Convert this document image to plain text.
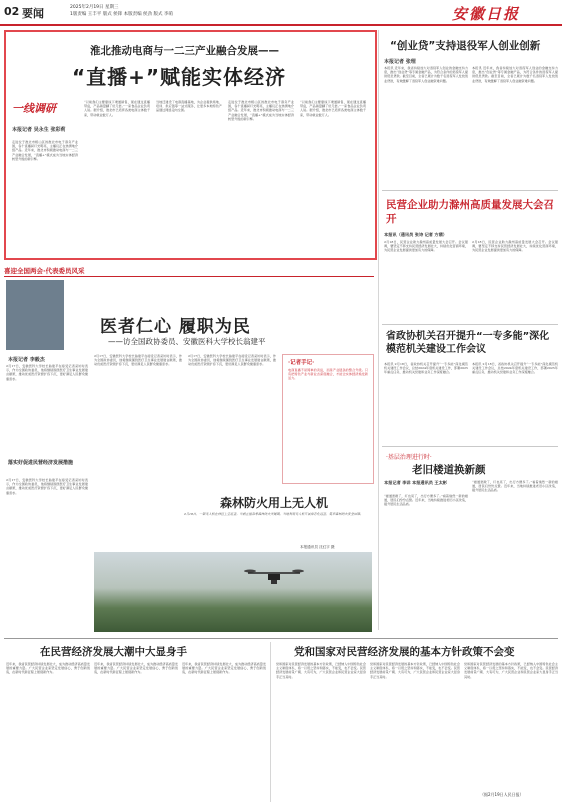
02 要闻	2025年2月19日 星期三
1版责编 王丰平 版式 侯锋 本版责编 侯劲 版式 李萌	安徽日报
淮北推动电商与一二三产业融合发展——
“直播+”赋能实体经济
一线调研
本报记者 吴永生 张彩莉
走进位于淮北市相山区的淮北市电子商务产业园，各个直播间灯光明亮，主播们正在热情地介绍产品。近年来，淮北市积极推动电商与一二三产业融合发展，“直播+”模式成为当地实体经济转型升级的新引擎。
“以前我们主要靠线下渠道销售，现在通过直播带货，产品销量翻了好几倍。”一家食品企业负责人说。据介绍，淮北市已培育各类电商主体数千家，带动就业数万人。
当地还建设了电商直播基地，为企业提供场地、培训、供应链等一站式服务，让更多本地特色产品通过网络走向全国。
走进位于淮北市相山区的淮北市电子商务产业园，各个直播间灯光明亮，主播们正在热情地介绍产品。近年来，淮北市积极推动电商与一二三产业融合发展，“直播+”模式成为当地实体经济转型升级的新引擎。
“以前我们主要靠线下渠道销售，现在通过直播带货，产品销量翻了好几倍。”一家食品企业负责人说。据介绍，淮北市已培育各类电商主体数千家，带动就业数万人。
“创业贷”支持退役军人创业创新
本报记者 张理
本报讯 近年来，我省持续加大对退役军人创业的金融支持力度，推出“创业贷”等专属金融产品，为符合条件的退役军人提供低息贷款。截至目前，全省已累计为数千名退役军人发放创业贷款，有效缓解了退役军人创业融资难问题。
本报讯 近年来，我省持续加大对退役军人创业的金融支持力度，推出“创业贷”等专属金融产品，为符合条件的退役军人提供低息贷款。截至目前，全省已累计为数千名退役军人发放创业贷款，有效缓解了退役军人创业融资难问题。
民营企业助力滁州高质量发展大会召开
本报讯（通讯员 张诗 记者 方翡）
2月18日，民营企业助力滁州高质量发展大会召开。会议强调，要坚定不移支持民营经济发展壮大，持续优化营商环境，为民营企业发展提供更加有力的保障。
2月18日，民营企业助力滁州高质量发展大会召开。会议强调，要坚定不移支持民营经济发展壮大，持续优化营商环境，为民营企业发展提供更加有力的保障。
省政协机关召开提升“一专多能”深化模范机关建设工作会议
本报讯 2月18日，省政协机关召开提升“一专多能”深化模范机关建设工作会议，总结2024年度机关建设工作，部署2025年重点任务，推动机关党建和业务工作深度融合。
本报讯 2月18日，省政协机关召开提升“一专多能”深化模范机关建设工作会议，总结2024年度机关建设工作，部署2025年重点任务，推动机关党建和业务工作深度融合。
·基层治理进行时·
老旧楼道换新颜
本报记者 李详 本报通讯员 王太彬
“楼道宽敞了，灯也亮了，出行方便多了。”看着焕然一新的楼道，居民们纷纷点赞。近年来，当地持续推进老旧小区改造，提升居民生活品质。
“楼道宽敞了，灯也亮了，出行方便多了。”看着焕然一新的楼道，居民们纷纷点赞。近年来，当地持续推进老旧小区改造，提升居民生活品质。
喜迎全国两会·代表委员风采
医者仁心 履职为民
——访全国政协委员、安徽医科大学校长翁建平
本报记者 李毅杰
2月17日，安徽医科大学校长翁建平在接受记者采访时表示，作为全国政协委员，他将继续围绕医疗卫生事业发展建言献策，推动优质医疗资源扩容下沉，更好满足人民群众健康需求。
落实好促进民营经济发展措施
2月17日，安徽医科大学校长翁建平在接受记者采访时表示，作为全国政协委员，他将继续围绕医疗卫生事业发展建言献策，推动优质医疗资源扩容下沉，更好满足人民群众健康需求。
2月17日，安徽医科大学校长翁建平在接受记者采访时表示，作为全国政协委员，他将继续围绕医疗卫生事业发展建言献策，推动优质医疗资源扩容下沉，更好满足人民群众健康需求。
2月17日，安徽医科大学校长翁建平在接受记者采访时表示，作为全国政协委员，他将继续围绕医疗卫生事业发展建言献策，推动优质医疗资源扩容下沉，更好满足人民群众健康需求。	·记者手记·
电商直播不是简单的卖货，而是产业链条的整合升级。只有把特色产业与新业态深度融合，才能让实体经济焕发新活力。
森林防火用上无人机
2月18日，一架无人机在林区上空巡查。当前正值春季森林防火关键期，当地利用无人机开展常态化巡查，筑牢森林防火安全屏障。
本报通讯员 沈红宇 摄
在民营经济发展大潮中大显身手
近年来，我省民营经济持续发展壮大，成为推动经济高质量发展的重要力量。广大民营企业家坚定发展信心，勇于创新创造，在新时代新征程上展现新作为。
近年来，我省民营经济持续发展壮大，成为推动经济高质量发展的重要力量。广大民营企业家坚定发展信心，勇于创新创造，在新时代新征程上展现新作为。
近年来，我省民营经济持续发展壮大，成为推动经济高质量发展的重要力量。广大民营企业家坚定发展信心，勇于创新创造，在新时代新征程上展现新作为。
党和国家对民营经济发展的基本方针政策不会变
党和国家对民营经济发展的基本方针政策，已经纳入中国特色社会主义制度体系，将一以贯之坚持和落实，不能变，也不会变。民营经济发展前景广阔、大有可为，广大民营企业和民营企业家大显身手正当其时。
党和国家对民营经济发展的基本方针政策，已经纳入中国特色社会主义制度体系，将一以贯之坚持和落实，不能变，也不会变。民营经济发展前景广阔、大有可为，广大民营企业和民营企业家大显身手正当其时。
党和国家对民营经济发展的基本方针政策，已经纳入中国特色社会主义制度体系，将一以贯之坚持和落实，不能变，也不会变。民营经济发展前景广阔、大有可为，广大民营企业和民营企业家大显身手正当其时。
（据2月19日人民日报）
